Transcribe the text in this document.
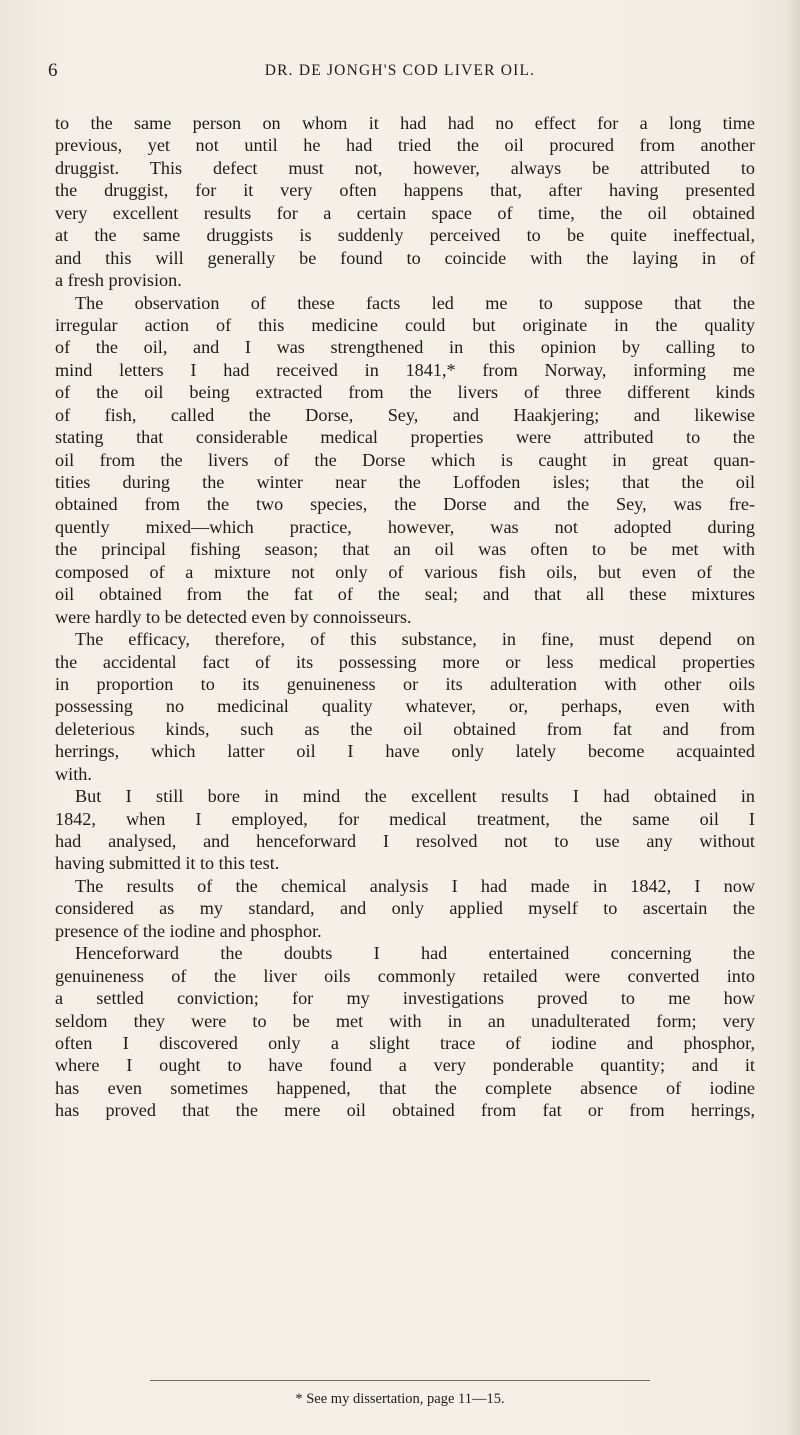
6	DR. DE JONGH'S COD LIVER OIL.
to the same person on whom it had had no effect for a long time
previous, yet not until he had tried the oil procured from another
druggist. This defect must not, however, always be attributed to
the druggist, for it very often happens that, after having presented
very excellent results for a certain space of time, the oil obtained
at the same druggists is suddenly perceived to be quite ineffectual,
and this will generally be found to coincide with the laying in of
a fresh provision.
The observation of these facts led me to suppose that the
irregular action of this medicine could but originate in the quality
of the oil, and I was strengthened in this opinion by calling to
mind letters I had received in 1841,* from Norway, informing me
of the oil being extracted from the livers of three different kinds
of fish, called the Dorse, Sey, and Haakjering; and likewise
stating that considerable medical properties were attributed to the
oil from the livers of the Dorse which is caught in great quan-
tities during the winter near the Loffoden isles; that the oil
obtained from the two species, the Dorse and the Sey, was fre-
quently mixed—which practice, however, was not adopted during
the principal fishing season; that an oil was often to be met with
composed of a mixture not only of various fish oils, but even of the
oil obtained from the fat of the seal; and that all these mixtures
were hardly to be detected even by connoisseurs.
The efficacy, therefore, of this substance, in fine, must depend on
the accidental fact of its possessing more or less medical properties
in proportion to its genuineness or its adulteration with other oils
possessing no medicinal quality whatever, or, perhaps, even with
deleterious kinds, such as the oil obtained from fat and from
herrings, which latter oil I have only lately become acquainted
with.
But I still bore in mind the excellent results I had obtained in
1842, when I employed, for medical treatment, the same oil I
had analysed, and henceforward I resolved not to use any without
having submitted it to this test.
The results of the chemical analysis I had made in 1842, I now
considered as my standard, and only applied myself to ascertain the
presence of the iodine and phosphor.
Henceforward the doubts I had entertained concerning the
genuineness of the liver oils commonly retailed were converted into
a settled conviction; for my investigations proved to me how
seldom they were to be met with in an unadulterated form; very
often I discovered only a slight trace of iodine and phosphor,
where I ought to have found a very ponderable quantity; and it
has even sometimes happened, that the complete absence of iodine
has proved that the mere oil obtained from fat or from herrings,
* See my dissertation, page 11—15.
